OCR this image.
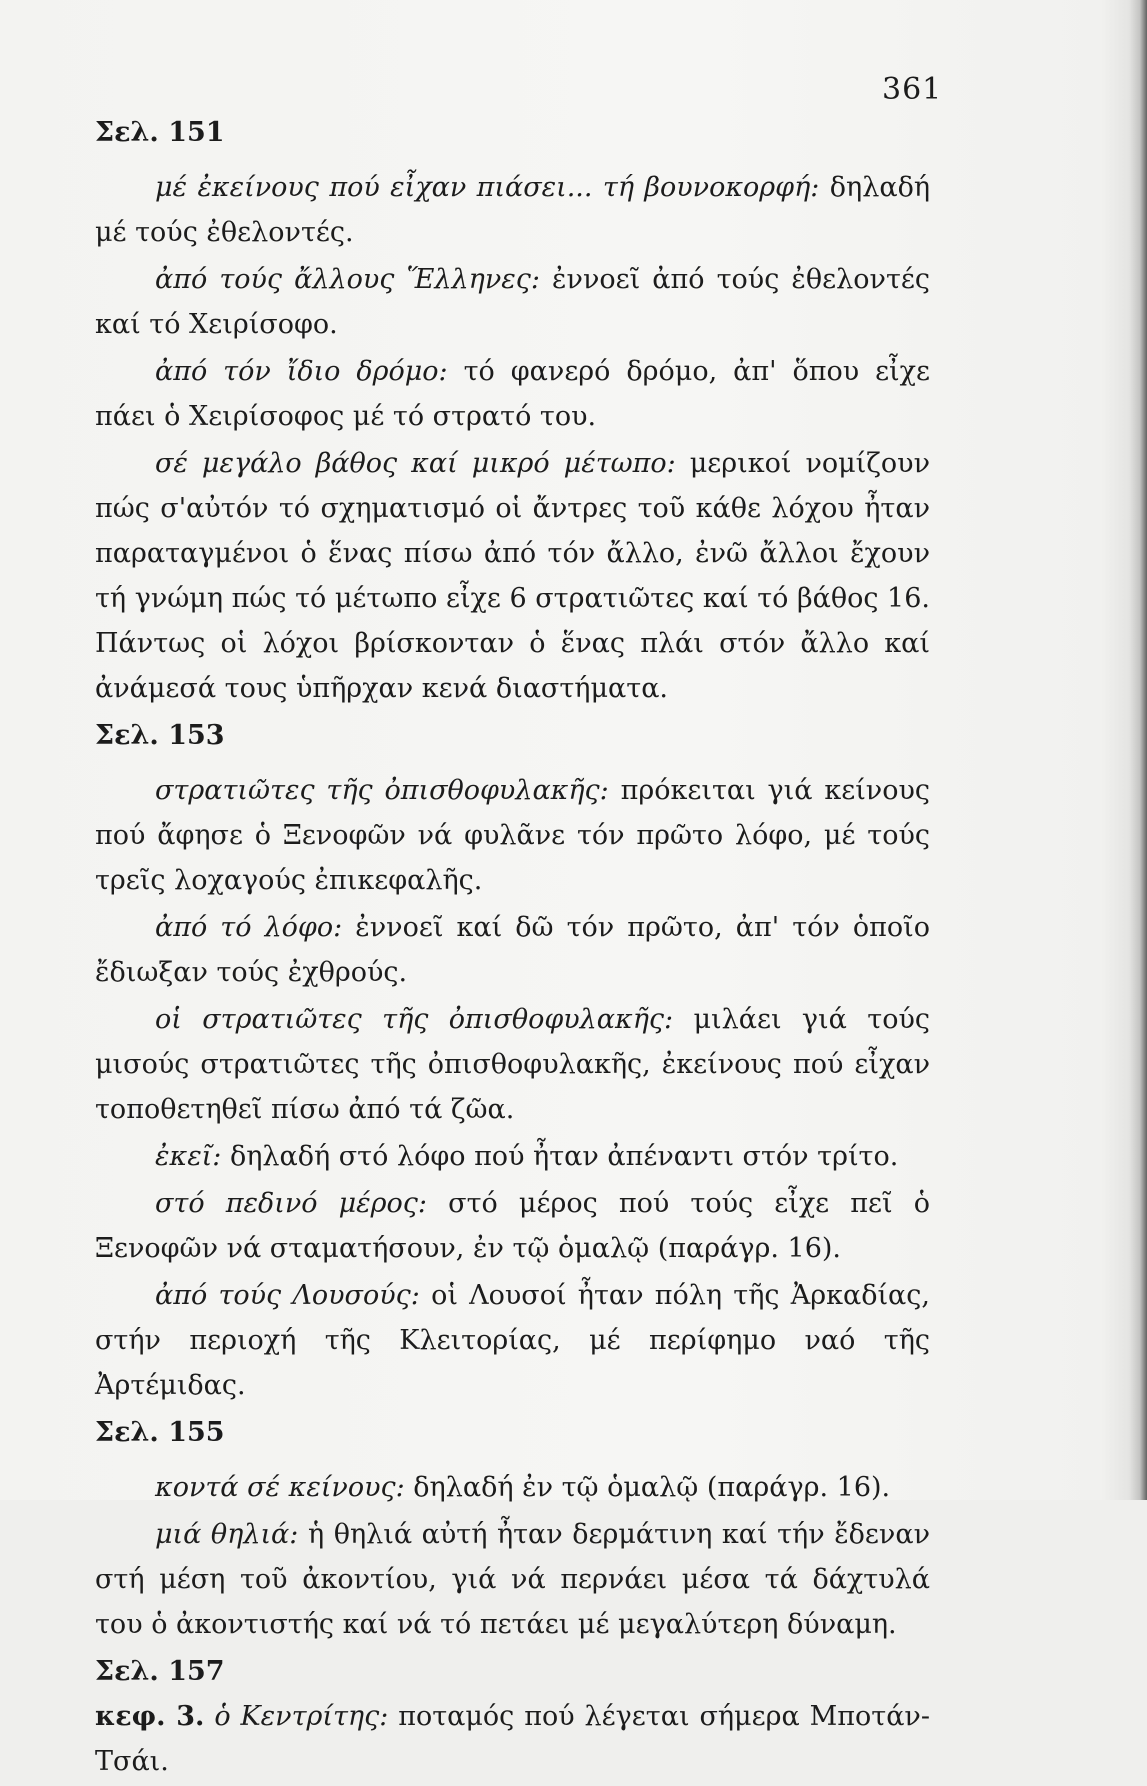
361
Σελ. 151

μέ ἐκείνους πού εἶχαν πιάσει... τή βουνοκορφή: δηλαδή μέ τούς ἐθελοντές.

ἀπό τούς ἄλλους Ἕλληνες: ἐννοεῖ ἀπό τούς ἐθελοντές καί τό Χειρίσοφο.

ἀπό τόν ἴδιο δρόμο: τό φανερό δρόμο, ἀπ' ὅπου εἶχε πάει ὁ Χειρίσοφος μέ τό στρατό του.

σέ μεγάλο βάθος καί μικρό μέτωπο: μερικοί νομίζουν πώς σ'αὐτόν τό σχηματισμό οἱ ἄντρες τοῦ κάθε λόχου ἦταν παραταγμένοι ὁ ἕνας πίσω ἀπό τόν ἄλλο, ἐνῶ ἄλλοι ἔχουν τή γνώμη πώς τό μέτωπο εἶχε 6 στρατιῶτες καί τό βάθος 16. Πάντως οἱ λόχοι βρίσκονταν ὁ ἕνας πλάι στόν ἄλλο καί ἀνάμεσά τους ὑπῆρχαν κενά διαστήματα.

Σελ. 153

στρατιῶτες τῆς ὀπισθοφυλακῆς: πρόκειται γιά κείνους πού ἄφησε ὁ Ξενοφῶν νά φυλᾶνε τόν πρῶτο λόφο, μέ τούς τρεῖς λοχαγούς ἐπικεφαλῆς.

ἀπό τό λόφο: ἐννοεῖ καί δῶ τόν πρῶτο, ἀπ' τόν ὁποῖο ἔδιωξαν τούς ἐχθρούς.

οἱ στρατιῶτες τῆς ὀπισθοφυλακῆς: μιλάει γιά τούς μισούς στρατιῶτες τῆς ὀπισθοφυλακῆς, ἐκείνους πού εἶχαν τοποθετηθεῖ πίσω ἀπό τά ζῶα.

ἐκεῖ: δηλαδή στό λόφο πού ἦταν ἀπέναντι στόν τρίτο.

στό πεδινό μέρος: στό μέρος πού τούς εἶχε πεῖ ὁ Ξενοφῶν νά σταματήσουν, ἐν τῷ ὁμαλῷ (παράγρ. 16).

ἀπό τούς Λουσούς: οἱ Λουσοί ἦταν πόλη τῆς Ἀρκαδίας, στήν περιοχή τῆς Κλειτορίας, μέ περίφημο ναό τῆς Ἀρτέμιδας.

Σελ. 155

κοντά σέ κείνους: δηλαδή ἐν τῷ ὁμαλῷ (παράγρ. 16).

μιά θηλιά: ἡ θηλιά αὐτή ἦταν δερμάτινη καί τήν ἔδεναν στή μέση τοῦ ἀκοντίου, γιά νά περνάει μέσα τά δάχτυλά του ὁ ἀκοντιστής καί νά τό πετάει μέ μεγαλύτερη δύναμη.

Σελ. 157

κεφ. 3. ὁ Κεντρίτης: ποταμός πού λέγεται σήμερα Μποτάν-Τσάι.
